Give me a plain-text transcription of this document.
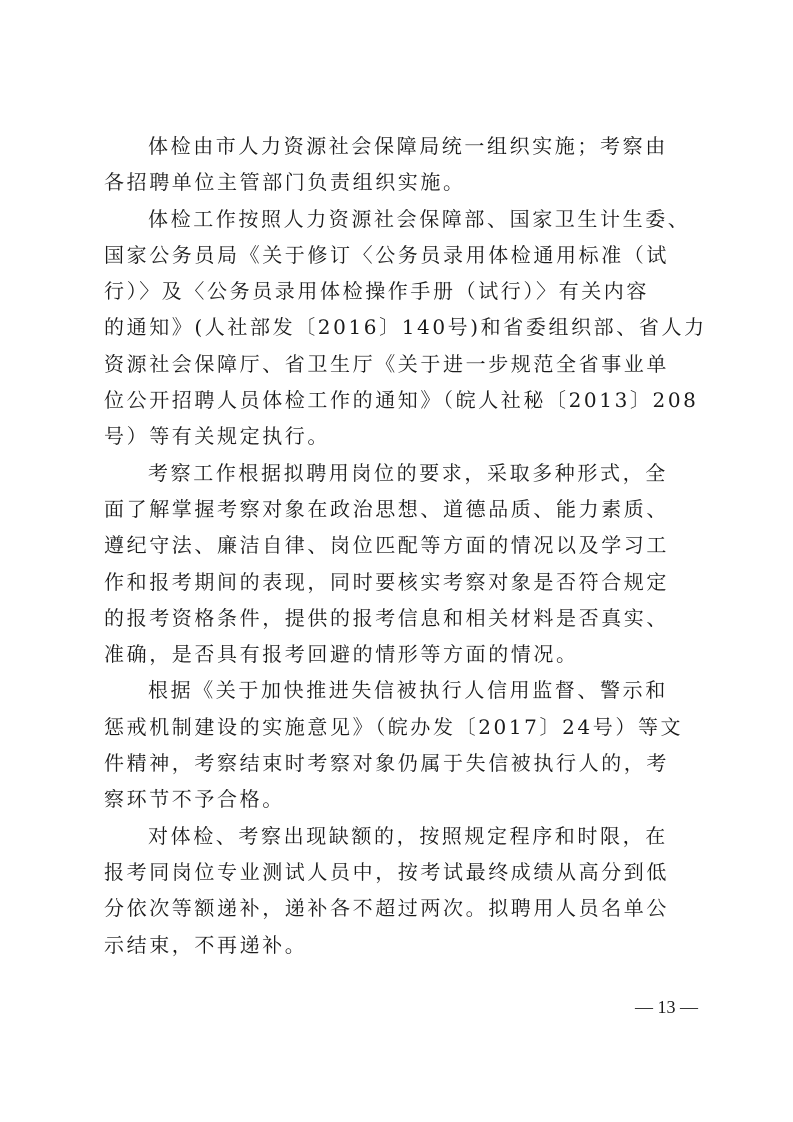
体检由市人力资源社会保障局统一组织实施；考察由
各招聘单位主管部门负责组织实施。
体检工作按照人力资源社会保障部、国家卫生计生委、
国家公务员局《关于修订〈公务员录用体检通用标准（试
行）〉及〈公务员录用体检操作手册（试行）〉有关内容
的通知》(人社部发〔2016〕140号)和省委组织部、省人力
资源社会保障厅、省卫生厅《关于进一步规范全省事业单
位公开招聘人员体检工作的通知》（皖人社秘〔2013〕208
号）等有关规定执行。
考察工作根据拟聘用岗位的要求，采取多种形式，全
面了解掌握考察对象在政治思想、道德品质、能力素质、
遵纪守法、廉洁自律、岗位匹配等方面的情况以及学习工
作和报考期间的表现，同时要核实考察对象是否符合规定
的报考资格条件，提供的报考信息和相关材料是否真实、
准确，是否具有报考回避的情形等方面的情况。
根据《关于加快推进失信被执行人信用监督、警示和
惩戒机制建设的实施意见》（皖办发〔2017〕24号）等文
件精神，考察结束时考察对象仍属于失信被执行人的，考
察环节不予合格。
对体检、考察出现缺额的，按照规定程序和时限，在
报考同岗位专业测试人员中，按考试最终成绩从高分到低
分依次等额递补，递补各不超过两次。拟聘用人员名单公
示结束，不再递补。
— 13 —
